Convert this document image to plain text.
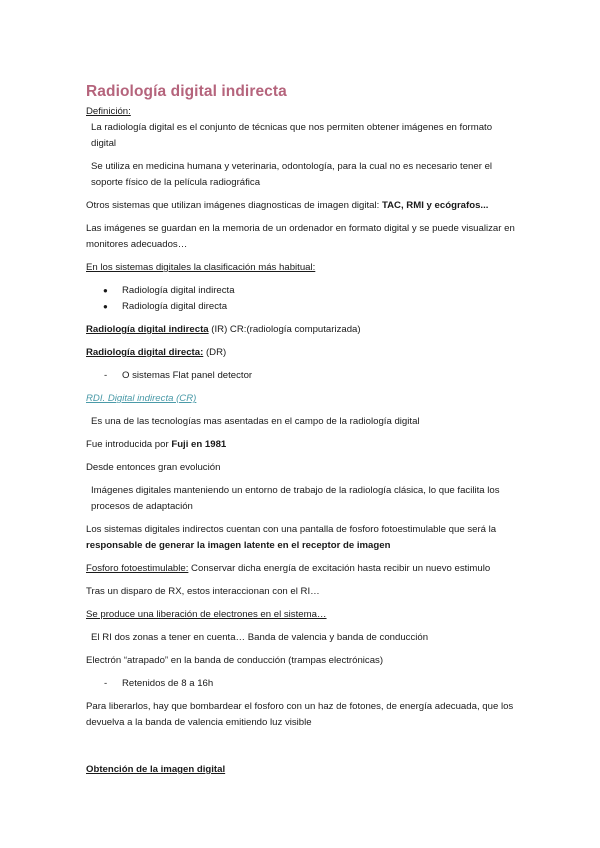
Radiología digital indirecta

Definición:

La radiología digital es el conjunto de técnicas que nos permiten obtener imágenes en formato digital

Se utiliza en medicina humana y veterinaria, odontología, para la cual no es necesario tener el soporte físico de la película radiográfica

Otros sistemas que utilizan imágenes diagnosticas de imagen digital: TAC, RMI y ecógrafos...

Las imágenes se guardan en la memoria de un ordenador en formato digital y se puede visualizar en monitores adecuados…

En los sistemas digitales la clasificación más habitual:

● Radiología digital indirecta
● Radiología digital directa

Radiología digital indirecta (IR) CR:(radiología computarizada)

Radiología digital directa: (DR)

- O sistemas Flat panel detector

RDI. Digital indirecta (CR)

Es una de las tecnologías mas asentadas en el campo de la radiología digital

Fue introducida por Fuji en 1981

Desde entonces gran evolución

Imágenes digitales manteniendo un entorno de trabajo de la radiología clásica, lo que facilita los procesos de adaptación

Los sistemas digitales indirectos cuentan con una pantalla de fosforo fotoestimulable que será la responsable de generar la imagen latente en el receptor de imagen

Fosforo fotoestimulable: Conservar dicha energía de excitación hasta recibir un nuevo estimulo

Tras un disparo de RX, estos interaccionan con el RI…

Se produce una liberación de electrones en el sistema…

El RI dos zonas a tener en cuenta… Banda de valencia y banda de conducción

Electrón “atrapado” en la banda de conducción (trampas electrónicas)

- Retenidos de 8 a 16h

Para liberarlos, hay que bombardear el fosforo con un haz de fotones, de energía adecuada, que los devuelva a la banda de valencia emitiendo luz visible

Obtención de la imagen digital
